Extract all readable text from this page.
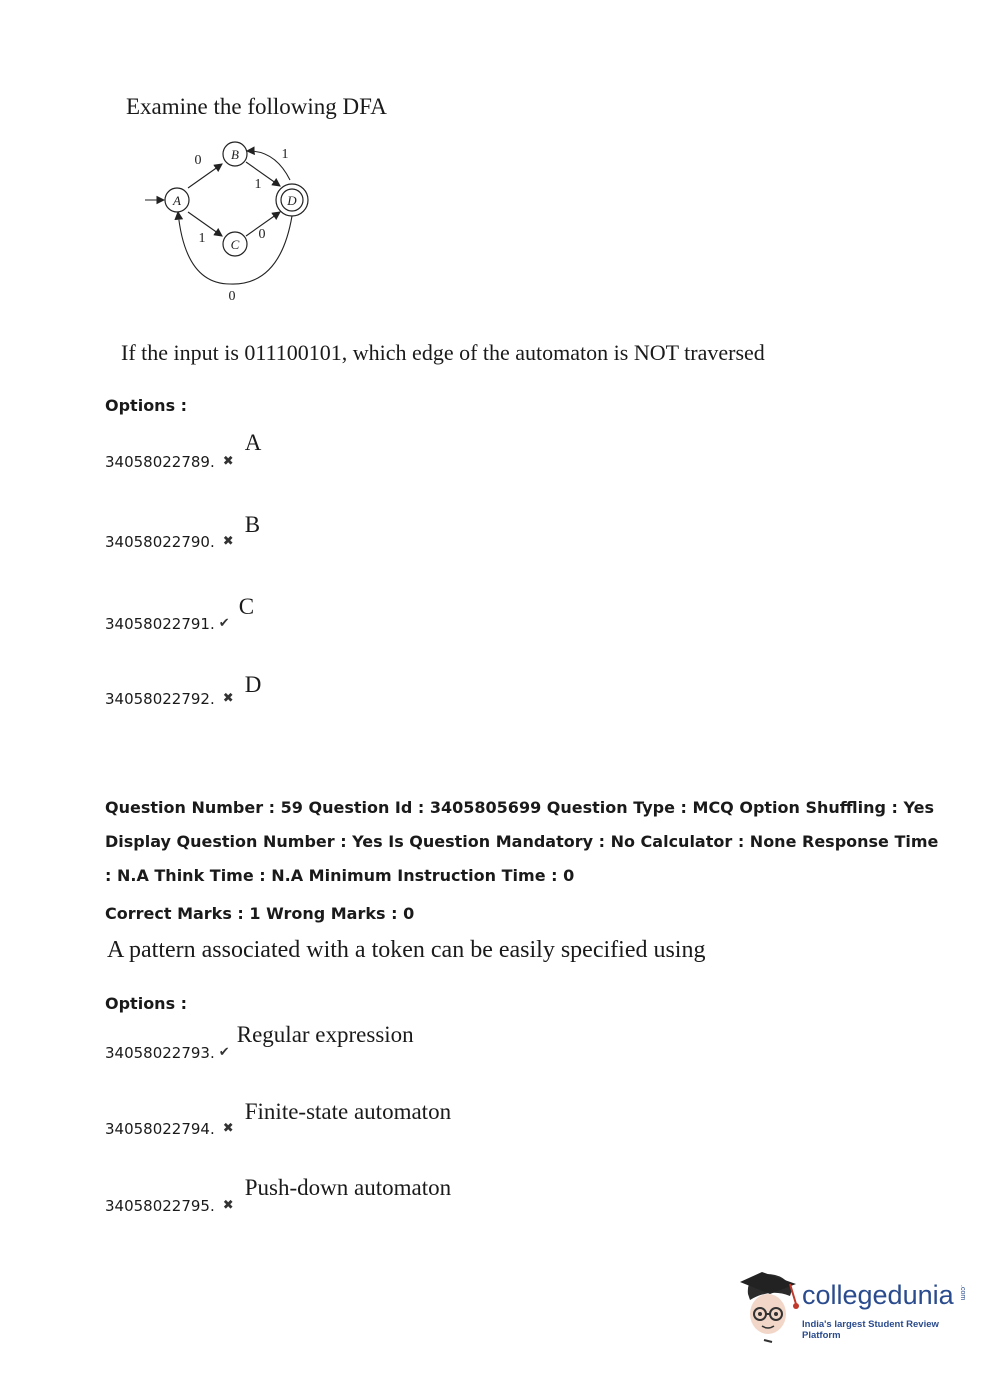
Examine the following DFA
A
B
C
D
0	1
1
1	0
0
If the input is 011100101, which edge of the automaton is NOT traversed
Options :
34058022789. $_✖$ A
34058022790. $_✖$ B
34058022791. $_✔$ C
34058022792. $_✖$ D
Question Number : 59 Question Id : 3405805699 Question Type : MCQ Option Shuffling : Yes
Display Question Number : Yes Is Question Mandatory : No Calculator : None Response Time
: N.A Think Time : N.A Minimum Instruction Time : 0
Correct Marks : 1 Wrong Marks : 0
A pattern associated with a token can be easily specified using
Options :
34058022793. $_✔$ Regular expression
34058022794. $_✖$ Finite-state automaton
34058022795. $_✖$ Push-down automaton
collegedunia .com
India's largest Student Review Platform
